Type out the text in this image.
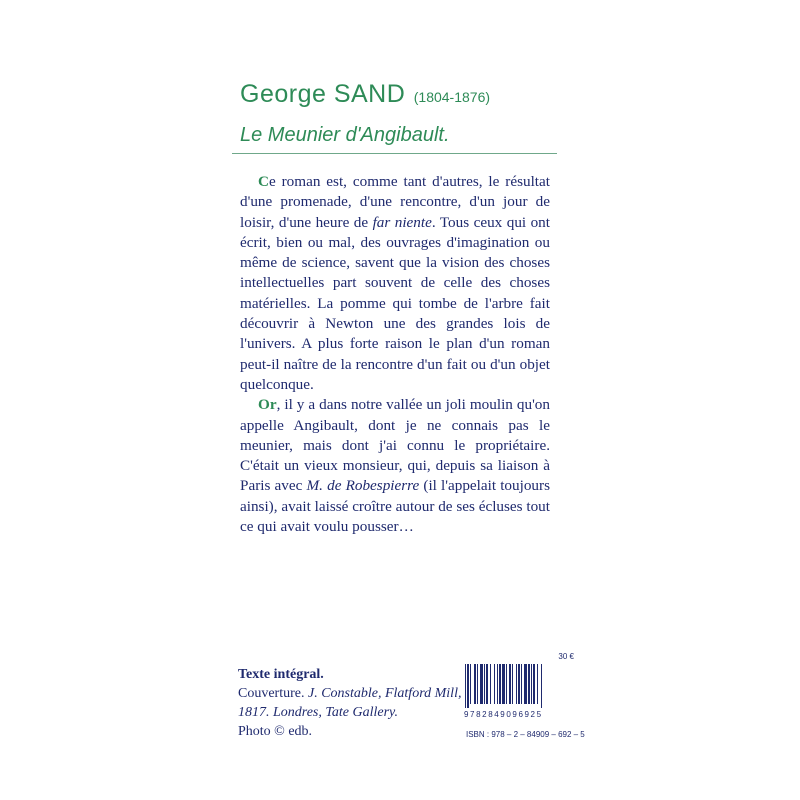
George SAND (1804-1876)
Le Meunier d'Angibault.

Ce roman est, comme tant d'autres, le résultat d'une promenade, d'une rencontre, d'un jour de loisir, d'une heure de far niente. Tous ceux qui ont écrit, bien ou mal, des ouvrages d'imagination ou même de science, savent que la vision des choses intellectuelles part souvent de celle des choses matérielles. La pomme qui tombe de l'arbre fait découvrir à Newton une des grandes lois de l'univers. A plus forte raison le plan d'un roman peut-il naître de la rencontre d'un fait ou d'un objet quelconque.

Or, il y a dans notre vallée un joli moulin qu'on appelle Angibault, dont je ne connais pas le meunier, mais dont j'ai connu le propriétaire. C'était un vieux monsieur, qui, depuis sa liaison à Paris avec M. de Robespierre (il l'appelait toujours ainsi), avait laissé croître autour de ses écluses tout ce qui avait voulu pousser…

Texte intégral.
Couverture. J. Constable, Flatford Mill,
1817. Londres, Tate Gallery.
Photo © edb.
30 €
9782849096925
ISBN : 978 – 2 – 84909 – 692 – 5
